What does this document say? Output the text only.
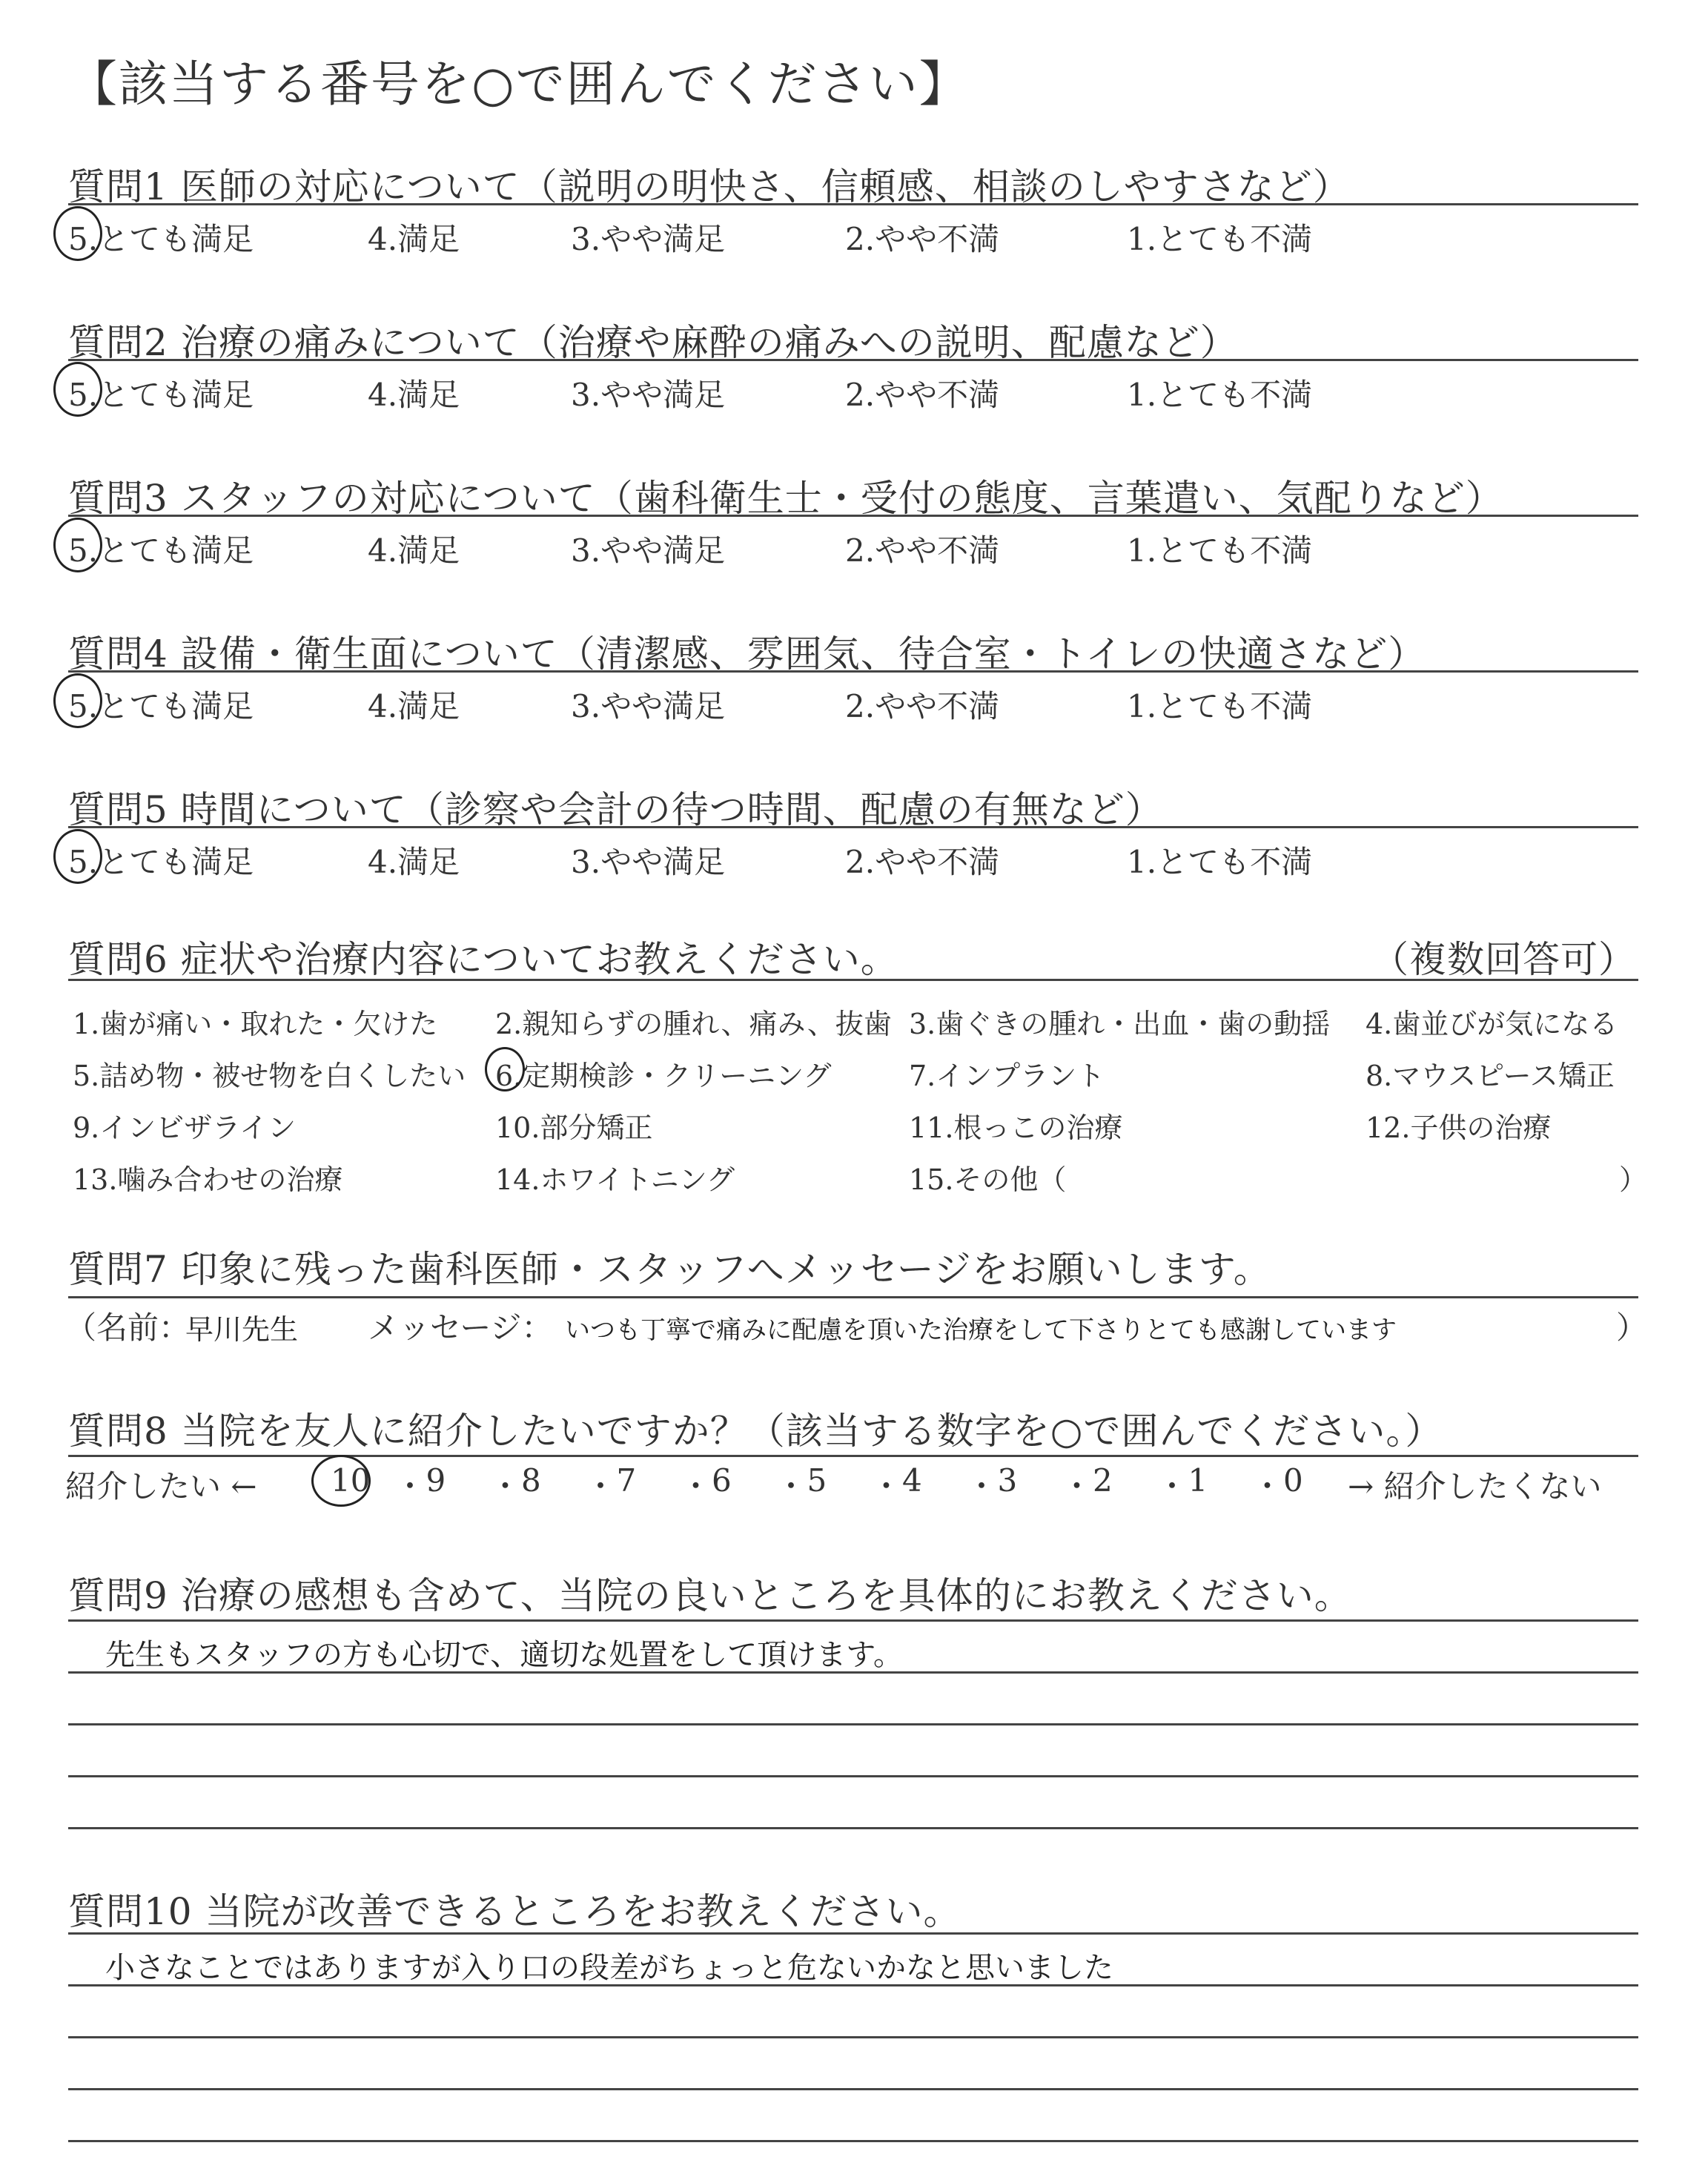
【該当する番号を○で囲んでください】
質問1 医師の対応について（説明の明快さ、信頼感、相談のしやすさなど）
5.とても満足	4.満足	3.やや満足	2.やや不満	1.とても不満
質問2 治療の痛みについて（治療や麻酔の痛みへの説明、配慮など）
5.とても満足	4.満足	3.やや満足	2.やや不満	1.とても不満
質問3 スタッフの対応について（歯科衛生士・受付の態度、言葉遣い、気配りなど）
5.とても満足	4.満足	3.やや満足	2.やや不満	1.とても不満
質問4 設備・衛生面について（清潔感、雰囲気、待合室・トイレの快適さなど）
5.とても満足	4.満足	3.やや満足	2.やや不満	1.とても不満
質問5 時間について（診察や会計の待つ時間、配慮の有無など）
5.とても満足	4.満足	3.やや満足	2.やや不満	1.とても不満
質問6 症状や治療内容についてお教えください。	（複数回答可）
1.歯が痛い・取れた・欠けた 2.親知らずの腫れ、痛み、抜歯 3.歯ぐきの腫れ・出血・歯の動揺 4.歯並びが気になる
5.詰め物・被せ物を白くしたい 6.定期検診・クリーニング	7.インプラント	8.マウスピース矯正
9.インビザライン	10.部分矯正	11.根っこの治療	12.子供の治療
13.噛み合わせの治療	14.ホワイトニング	15.その他（	）
質問7 印象に残った歯科医師・スタッフへメッセージをお願いします。
（名前：
早川先生 メッセージ： いつも丁寧で痛みに配慮を頂いた治療をして下さりとても感謝しています	）
質問8 当院を友人に紹介したいですか？（該当する数字を○で囲んでください。）
紹介したい ← 10 ・ 9 ・ 8 ・ 7 ・ 6 ・ 5 ・ 4 ・ 3 ・ 2 ・ 1 ・ 0 → 紹介したくない
質問9 治療の感想も含めて、当院の良いところを具体的にお教えください。
先生もスタッフの方も心切で、適切な処置をして頂けます。
質問10 当院が改善できるところをお教えください。
小さなことではありますが入り口の段差がちょっと危ないかなと思いました
